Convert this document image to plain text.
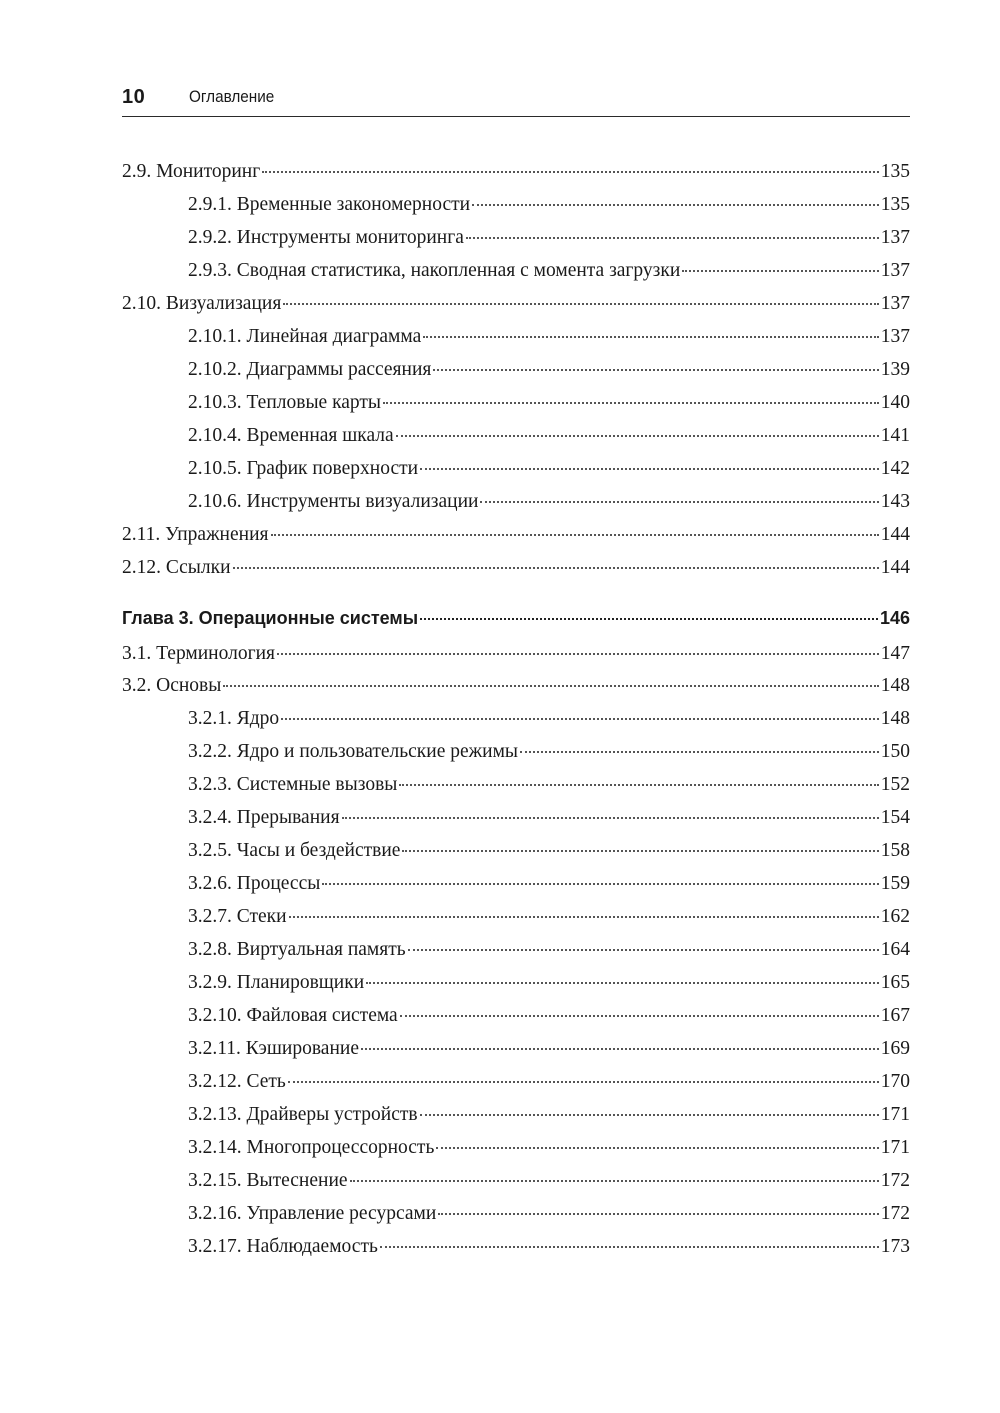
10	Оглавление
2.9. Мониторинг	135
2.9.1. Временные закономерности	135
2.9.2. Инструменты мониторинга	137
2.9.3. Сводная статистика, накопленная с момента загрузки	137
2.10. Визуализация	137
2.10.1. Линейная диаграмма	137
2.10.2. Диаграммы рассеяния	139
2.10.3. Тепловые карты	140
2.10.4. Временная шкала	141
2.10.5. График поверхности	142
2.10.6. Инструменты визуализации	143
2.11. Упражнения	144
2.12. Ссылки	144
Глава 3. Операционные системы	146
3.1. Терминология	147
3.2. Основы	148
3.2.1. Ядро	148
3.2.2. Ядро и пользовательские режимы	150
3.2.3. Системные вызовы	152
3.2.4. Прерывания	154
3.2.5. Часы и бездействие	158
3.2.6. Процессы	159
3.2.7. Стеки	162
3.2.8. Виртуальная память	164
3.2.9. Планировщики	165
3.2.10. Файловая система	167
3.2.11. Кэширование	169
3.2.12. Сеть	170
3.2.13. Драйверы устройств	171
3.2.14. Многопроцессорность	171
3.2.15. Вытеснение	172
3.2.16. Управление ресурсами	172
3.2.17. Наблюдаемость	173
